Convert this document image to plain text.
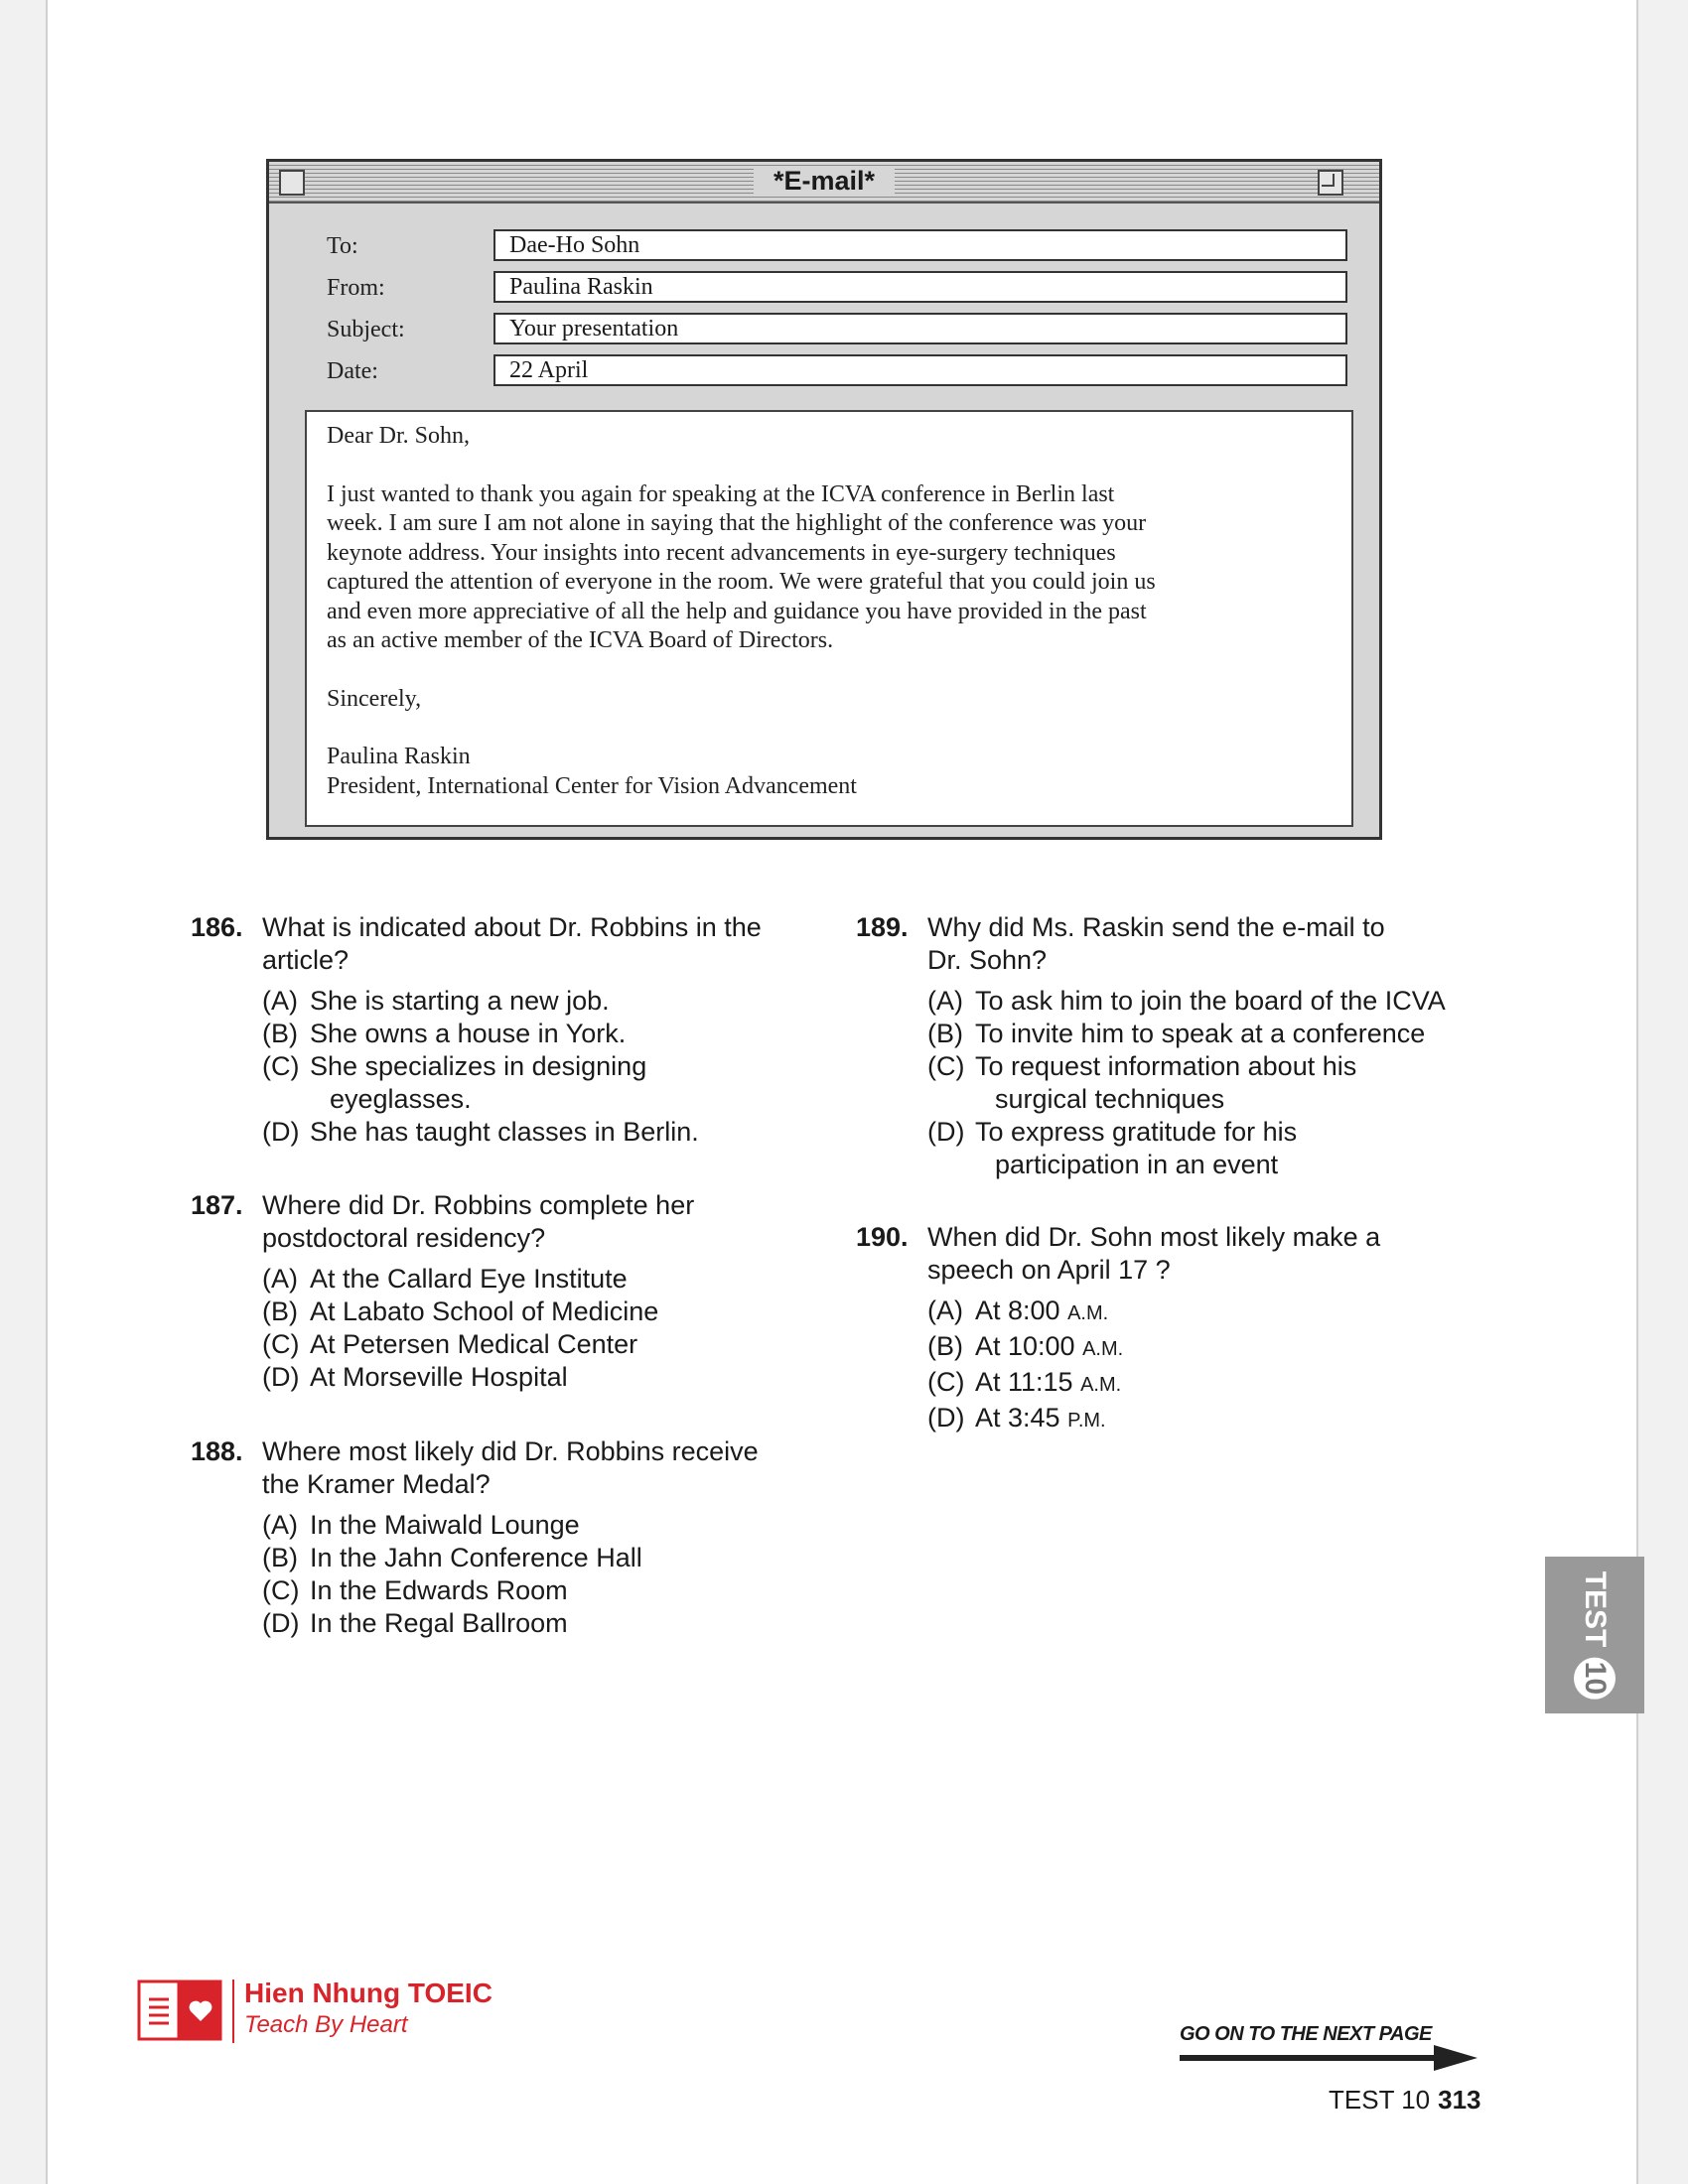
*E-mail*
To:	Dae-Ho Sohn
From:	Paulina Raskin
Subject:	Your presentation
Date:	22 April

Dear Dr. Sohn,

I just wanted to thank you again for speaking at the ICVA conference in Berlin last

week. I am sure I am not alone in saying that the highlight of the conference was your

keynote address. Your insights into recent advancements in eye-surgery techniques

captured the attention of everyone in the room. We were grateful that you could join us

and even more appreciative of all the help and guidance you have provided in the past

as an active member of the ICVA Board of Directors.

Sincerely,

Paulina Raskin

President, International Center for Vision Advancement

186. What is indicated about Dr. Robbins in the
article?
(A) She is starting a new job.
(B) She owns a house in York.
(C) She specializes in designing
eyeglasses.
(D) She has taught classes in Berlin.
187. Where did Dr. Robbins complete her
postdoctoral residency?
(A) At the Callard Eye Institute
(B) At Labato School of Medicine
(C) At Petersen Medical Center
(D) At Morseville Hospital
188. Where most likely did Dr. Robbins receive
the Kramer Medal?
(A) In the Maiwald Lounge
(B) In the Jahn Conference Hall
(C) In the Edwards Room
(D) In the Regal Ballroom
189. Why did Ms. Raskin send the e-mail to
Dr. Sohn?
(A) To ask him to join the board of the ICVA
(B) To invite him to speak at a conference
(C) To request information about his
surgical techniques
(D) To express gratitude for his
participation in an event
190. When did Dr. Sohn most likely make a
speech on April 17 ?
(A) At 8:00 A.M.
(B) At 10:00 A.M.
(C) At 11:15 A.M.
(D) At 3:45 P.M.
TEST
10
Hien Nhung TOEIC
Teach By Heart	GO ON TO THE NEXT PAGE
TEST 10 313
